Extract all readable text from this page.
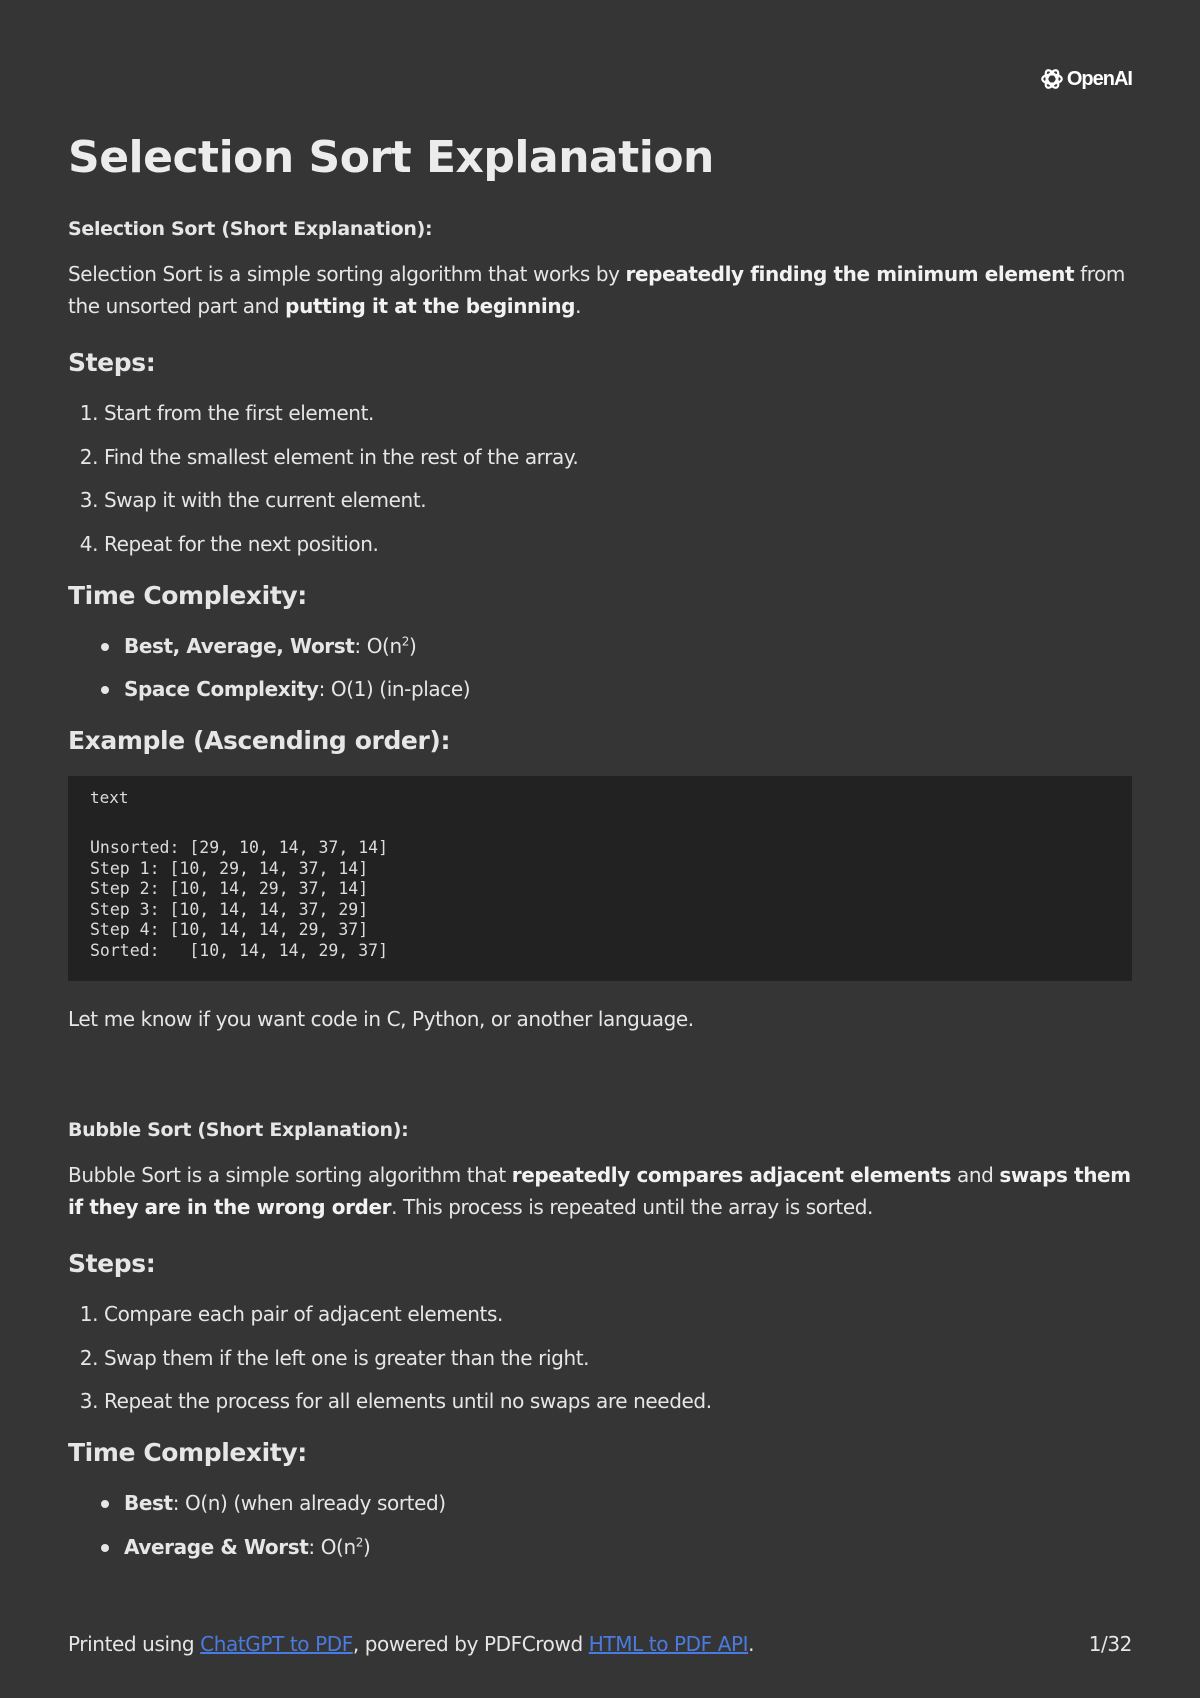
OpenAI
Selection Sort Explanation
Selection Sort (Short Explanation):

Selection Sort is a simple sorting algorithm that works by repeatedly finding the minimum element from the unsorted part and putting it at the beginning.

Steps:
1. Start from the first element.
2. Find the smallest element in the rest of the array.
3. Swap it with the current element.
4. Repeat for the next position.
Time Complexity:
Best, Average, Worst: $O(n^2)$
Space Complexity: O(1) (in-place)
Example (Ascending order):
text
Unsorted: [29, 10, 14, 37, 14]
Step 1: [10, 29, 14, 37, 14]
Step 2: [10, 14, 29, 37, 14]
Step 3: [10, 14, 14, 37, 29]
Step 4: [10, 14, 14, 29, 37]
Sorted:   [10, 14, 14, 29, 37]

Let me know if you want code in C, Python, or another language.

Bubble Sort (Short Explanation):

Bubble Sort is a simple sorting algorithm that repeatedly compares adjacent elements and swaps them if they are in the wrong order. This process is repeated until the array is sorted.

Steps:
1. Compare each pair of adjacent elements.
2. Swap them if the left one is greater than the right.
3. Repeat the process for all elements until no swaps are needed.
Time Complexity:
Best: O(n) (when already sorted)
Average & Worst: $O(n^2)$
Printed using ChatGPT to PDF, powered by PDFCrowd HTML to PDF API.	1/32
